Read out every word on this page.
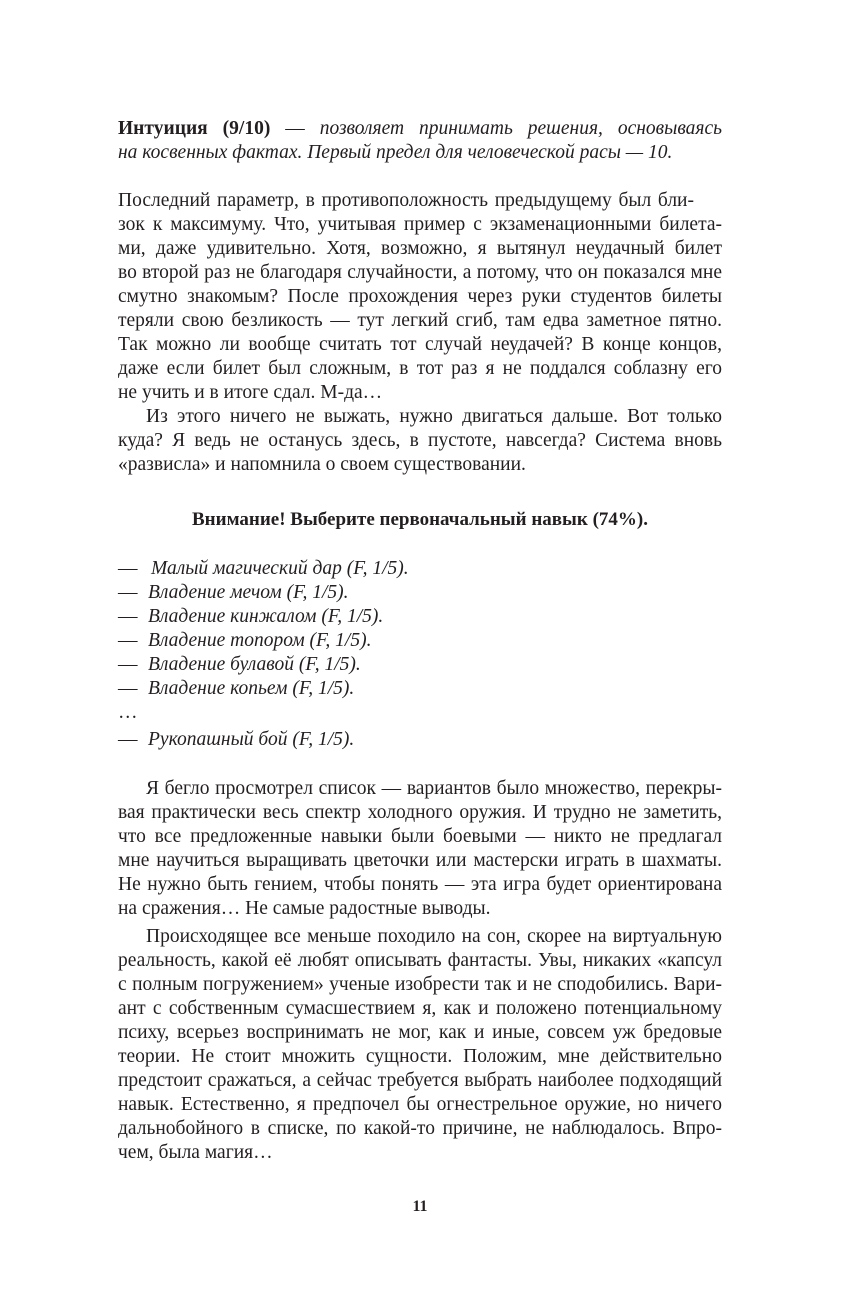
Интуиция (9/10) — позволяет принимать решения, основываясь
на косвенных фактах. Первый предел для человеческой расы — 10.
Последний параметр, в противоположность предыдущему был бли-
зок к максимуму. Что, учитывая пример с экзаменационными билета-
ми, даже удивительно. Хотя, возможно, я вытянул неудачный билет
во второй раз не благодаря случайности, а потому, что он показался мне
смутно знакомым? После прохождения через руки студентов билеты
теряли свою безликость — тут легкий сгиб, там едва заметное пятно.
Так можно ли вообще считать тот случай неудачей? В конце концов,
даже если билет был сложным, в тот раз я не поддался соблазну его
не учить и в итоге сдал. М-да…
Из этого ничего не выжать, нужно двигаться дальше. Вот только
куда? Я ведь не останусь здесь, в пустоте, навсегда? Система вновь
«развисла» и напомнила о своем существовании.
Внимание! Выберите первоначальный навык (74%).
— Малый магический дар (F, 1/5).
— Владение мечом (F, 1/5).
— Владение кинжалом (F, 1/5).
— Владение топором (F, 1/5).
— Владение булавой (F, 1/5).
— Владение копьем (F, 1/5).
…
— Рукопашный бой (F, 1/5).
Я бегло просмотрел список — вариантов было множество, перекры-
вая практически весь спектр холодного оружия. И трудно не заметить,
что все предложенные навыки были боевыми — никто не предлагал
мне научиться выращивать цветочки или мастерски играть в шахматы.
Не нужно быть гением, чтобы понять — эта игра будет ориентирована
на сражения… Не самые радостные выводы.
Происходящее все меньше походило на сон, скорее на виртуальную
реальность, какой её любят описывать фантасты. Увы, никаких «капсул
с полным погружением» ученые изобрести так и не сподобились. Вари-
ант с собственным сумасшествием я, как и положено потенциальному
психу, всерьез воспринимать не мог, как и иные, совсем уж бредовые
теории. Не стоит множить сущности. Положим, мне действительно
предстоит сражаться, а сейчас требуется выбрать наиболее подходящий
навык. Естественно, я предпочел бы огнестрельное оружие, но ничего
дальнобойного в списке, по какой-то причине, не наблюдалось. Впро-
чем, была магия…
11
